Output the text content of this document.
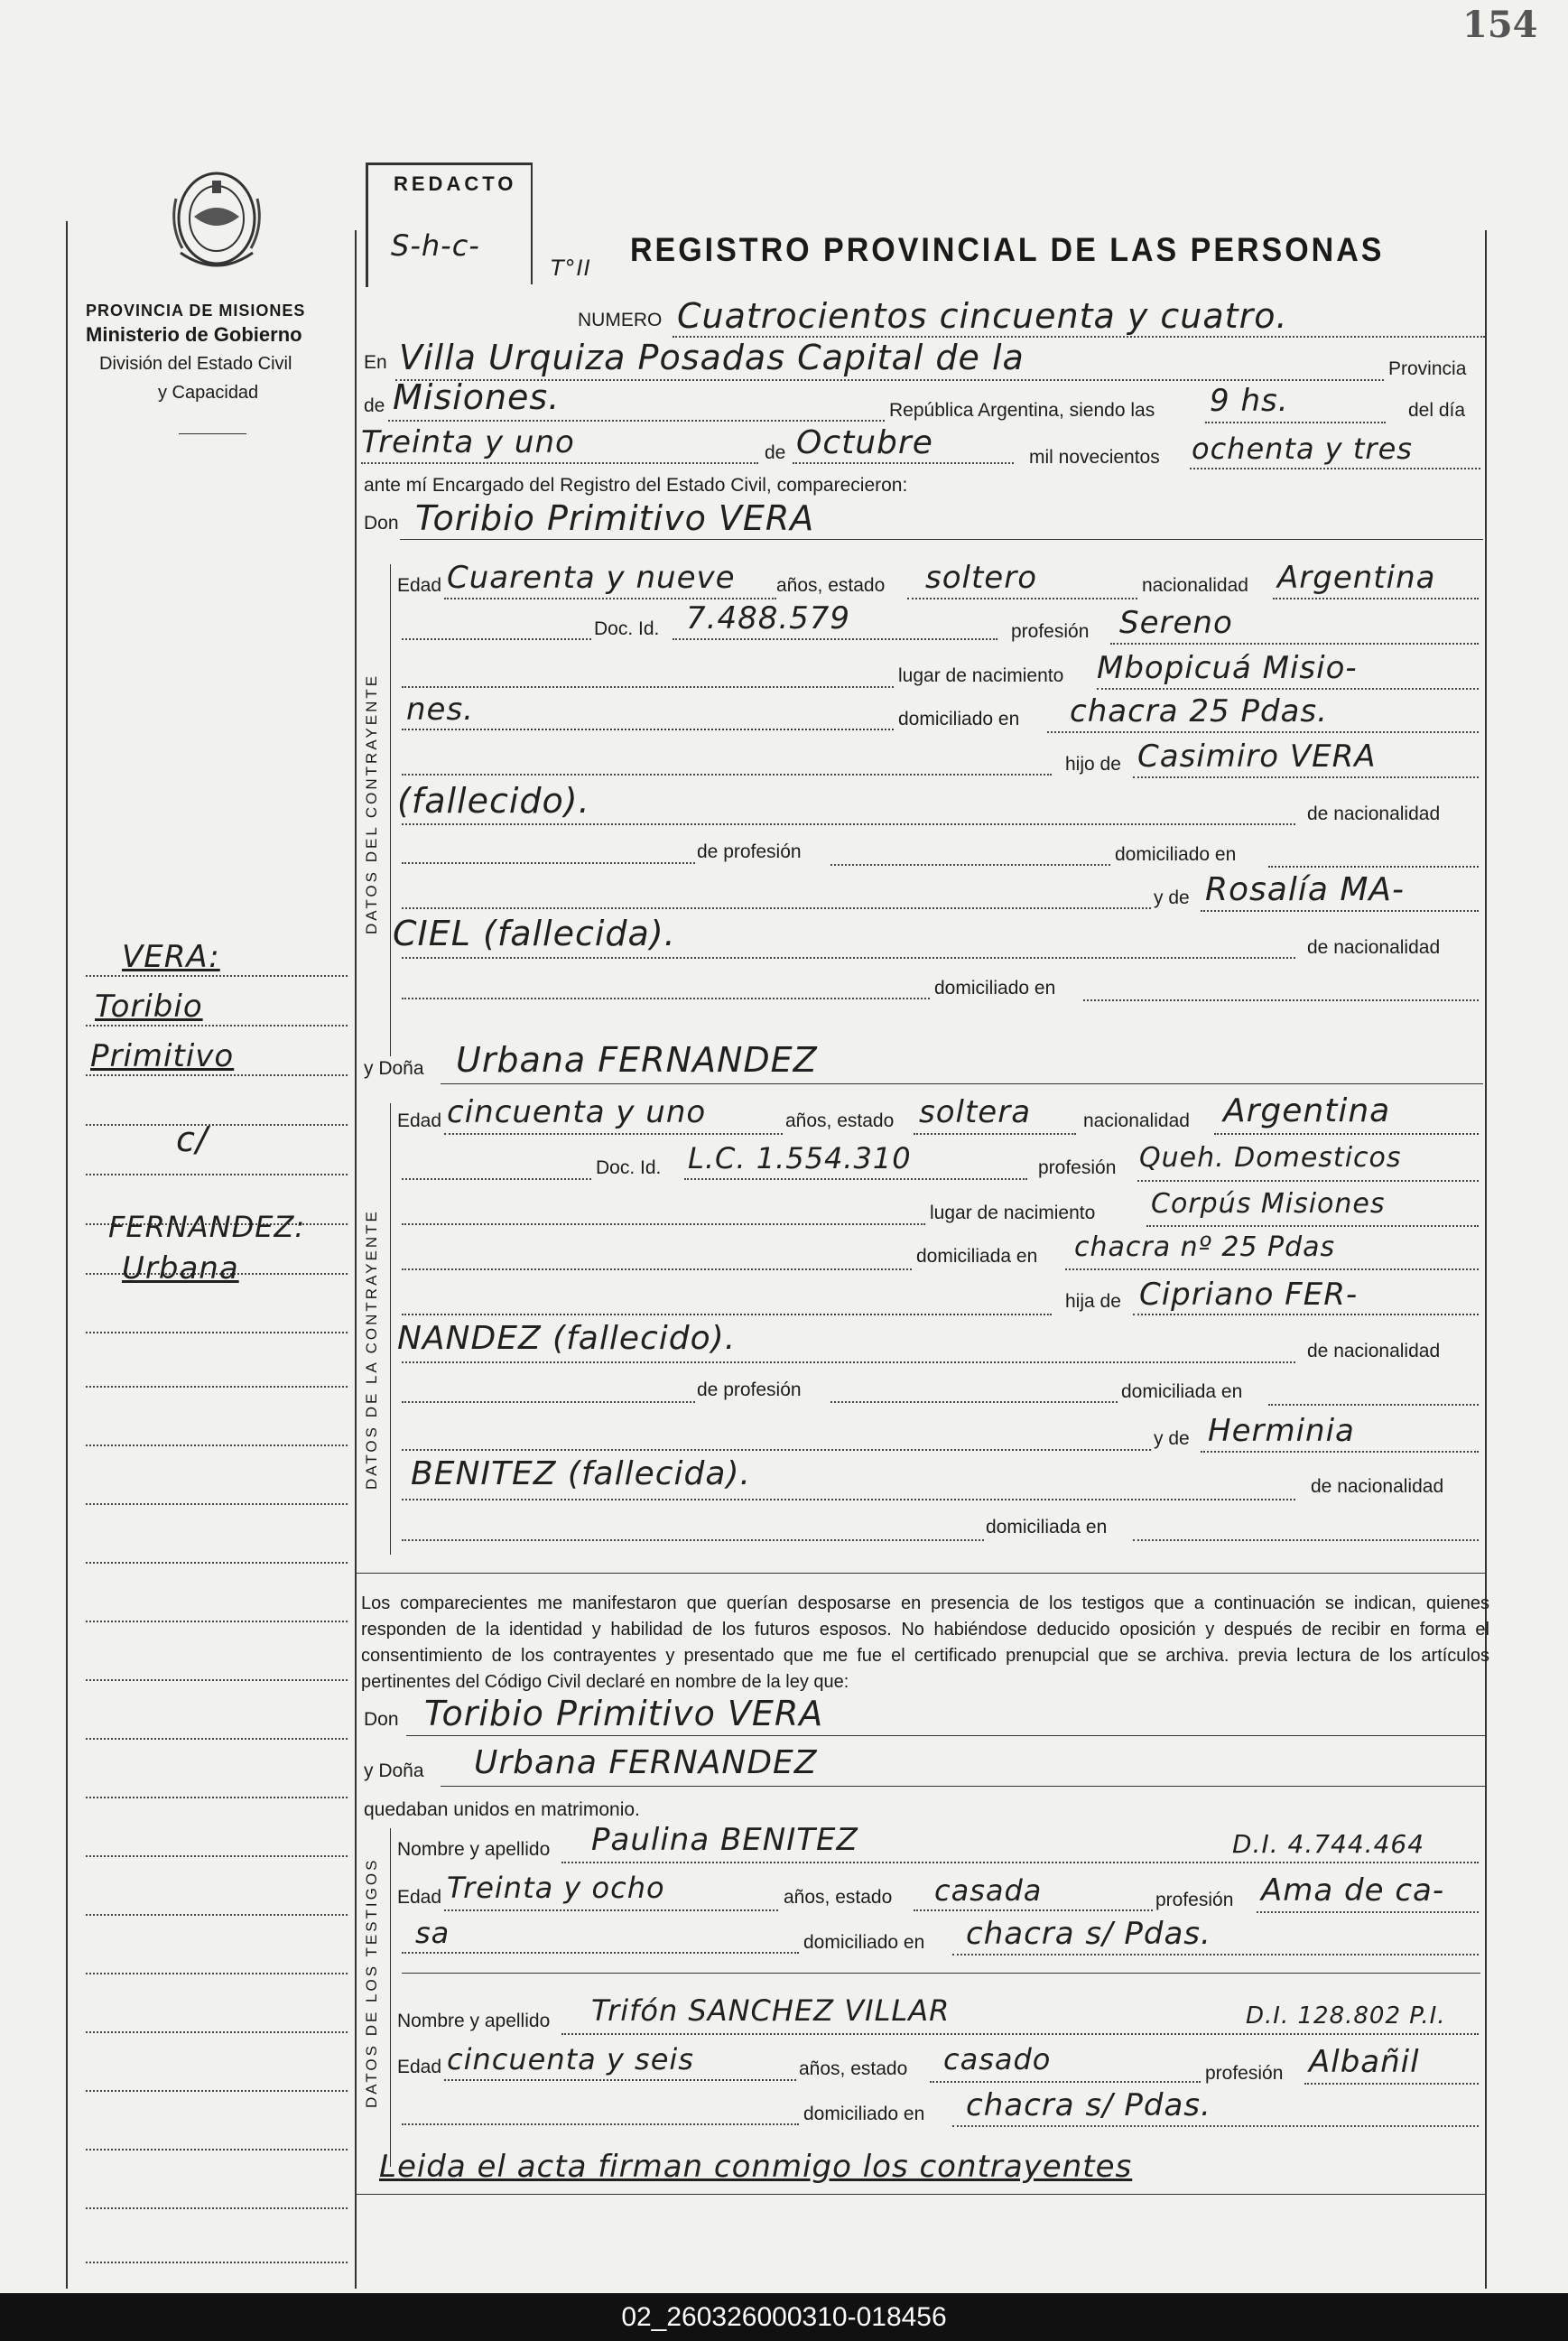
154
PROVINCIA DE MISIONES
Ministerio de Gobierno
División del Estado Civil
y Capacidad
VERA:
Toribio
Primitivo
c/
FERNANDEZ:
Urbana
REDACTO
S-h-c-
T°II REGISTRO PROVINCIAL DE LAS PERSONAS
NUMERO Cuatrocientos cincuenta y cuatro.
En Villa Urquiza Posadas Capital de la	Provincia
de Misiones.	República Argentina, siendo las 9 hs.	del día
Treinta y uno	de Octubre	mil novecientos ochenta y tres
ante mí Encargado del Registro del Estado Civil, comparecieron:
Don Toribio Primitivo VERA
DATOS DEL CONTRAYENTE
Edad Cuarenta y nueve años, estado soltero	nacionalidad Argentina
Doc. Id. 7.488.579	profesión Sereno
lugar de nacimiento Mbopicuá Misio-
nes.	domiciliado en chacra 25 Pdas.
hijo de Casimiro VERA
(fallecido).	de nacionalidad
de profesión	domiciliado en
y de Rosalía MA-
CIEL (fallecida).	de nacionalidad
domiciliado en
y Doña Urbana FERNANDEZ
DATOS DE LA CONTRAYENTE
Edad cincuenta y uno	años, estado soltera	nacionalidad Argentina
Doc. Id. L.C. 1.554.310	profesión Queh. Domesticos
lugar de nacimiento Corpús Misiones
domiciliada en chacra nº 25 Pdas
hija de Cipriano FER-
NANDEZ (fallecido).	de nacionalidad
de profesión	domiciliada en
y de Herminia
BENITEZ (fallecida).	de nacionalidad
domiciliada en
Los comparecientes me manifestaron que querían desposarse en presencia de los testigos que a continuación se indican, quienes responden de la identidad y habilidad de los futuros esposos. No habiéndose deducido oposición y después de recibir en forma el consentimiento de los contrayentes y presentado que me fue el certificado prenupcial que se archiva. previa lectura de los artículos pertinentes del Código Civil declaré en nombre de la ley que:
Don Toribio Primitivo VERA
y Doña Urbana FERNANDEZ
quedaban unidos en matrimonio.
DATOS DE LOS TESTIGOS
Nombre y apellido Paulina BENITEZ	D.I. 4.744.464
Edad Treinta y ocho	años, estado casada	profesión Ama de ca-
sa	domiciliado en chacra s/ Pdas.
Nombre y apellido Trifón SANCHEZ VILLAR	D.I. 128.802 P.I.
Edad cincuenta y seis	años, estado casado	profesión Albañil
domiciliado en chacra s/ Pdas.
Leida el acta firman conmigo los contrayentes
02_260326000310-018456
